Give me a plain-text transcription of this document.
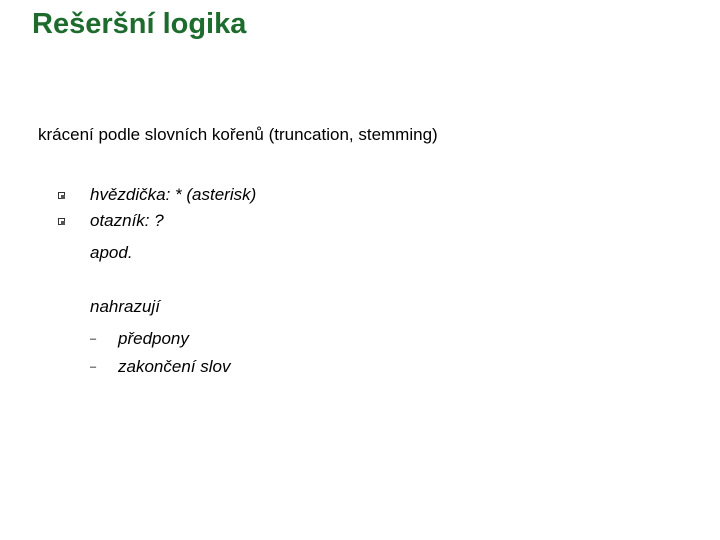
Rešeršní logika
krácení podle slovních kořenů (truncation, stemming)
hvězdička: * (asterisk)
otazník: ?
apod.
nahrazují
– předpony
– zakončení slov
